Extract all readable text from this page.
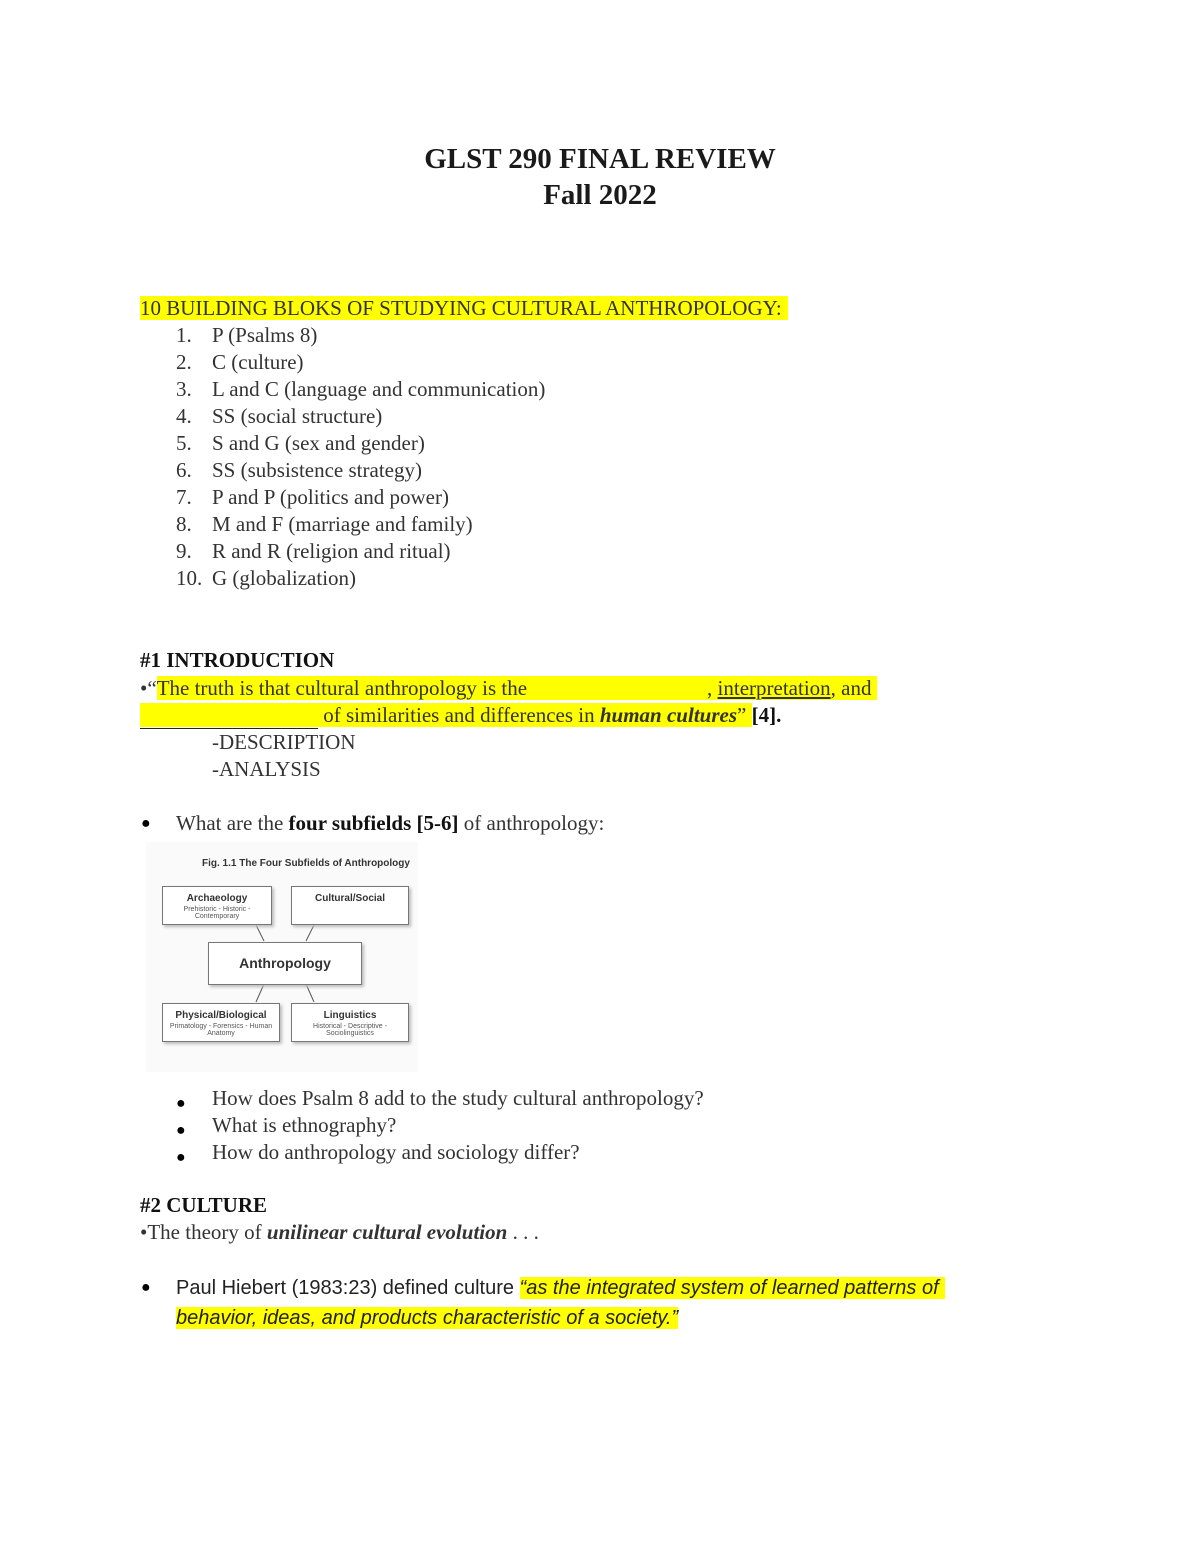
GLST 290 FINAL REVIEW
Fall 2022
10 BUILDING BLOKS OF STUDYING CULTURAL ANTHROPOLOGY:
1. P (Psalms 8)
2. C (culture)
3. L and C (language and communication)
4. SS (social structure)
5. S and G (sex and gender)
6. SS (subsistence strategy)
7. P and P (politics and power)
8. M and F (marriage and family)
9. R and R (religion and ritual)
10. G (globalization)
#1 INTRODUCTION
•“The truth is that cultural anthropology is the	, interpretation, and
of similarities and differences in human cultures” [4].
-DESCRIPTION
-ANALYSIS
● What are the four subfields [5-6] of anthropology:
Fig. 1.1 The Four Subfields of Anthropology
Archaeology
Prehistoric - Historic - Contemporary
Cultural/Social
Anthropology
Physical/Biological
Primatology - Forensics - Human Anatomy
Linguistics
Historical - Descriptive - Sociolinguistics
● How does Psalm 8 add to the study cultural anthropology?
● What is ethnography?
● How do anthropology and sociology differ?
#2 CULTURE
•The theory of unilinear cultural evolution . . .
● Paul Hiebert (1983:23) defined culture “as the integrated system of learned patterns of
behavior, ideas, and products characteristic of a society.”
